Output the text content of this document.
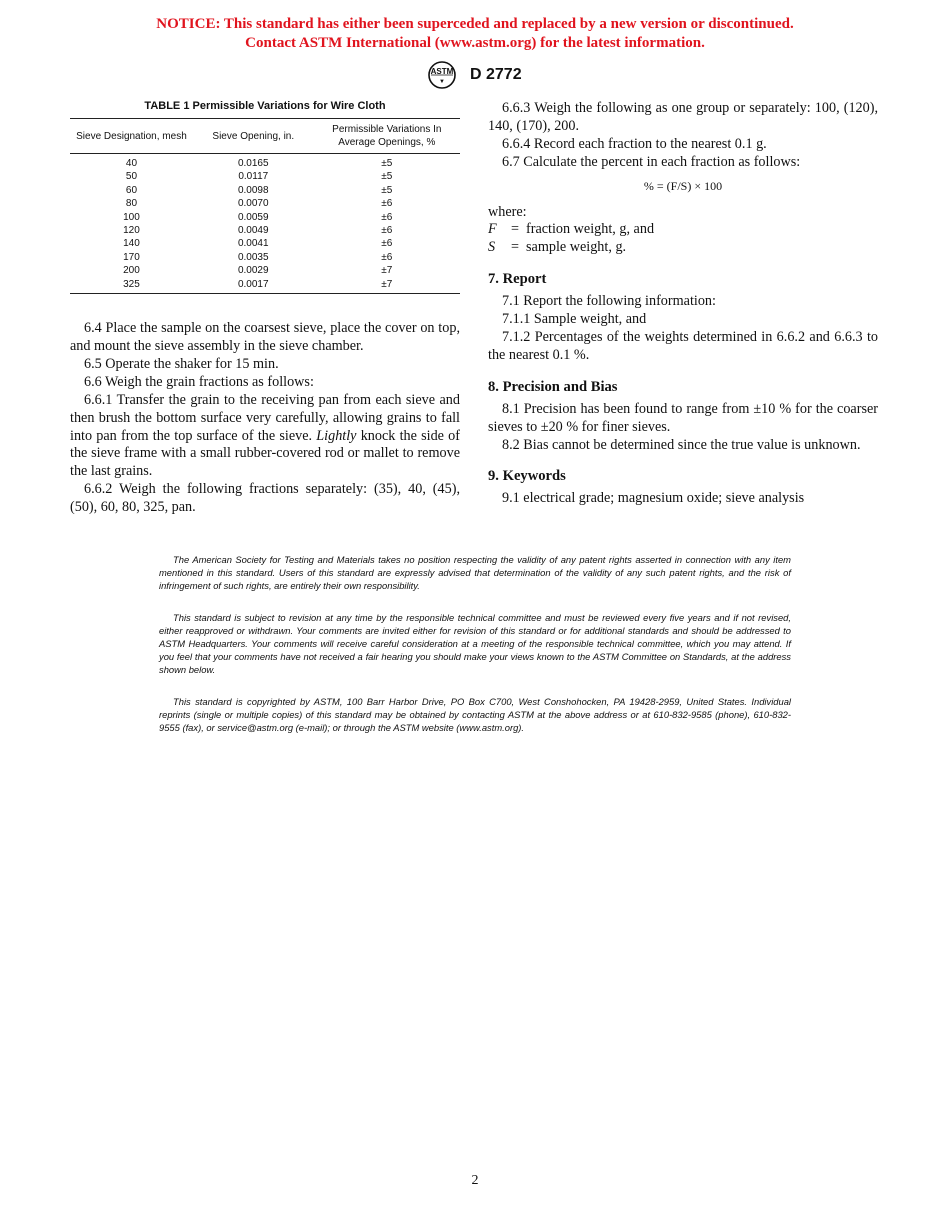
NOTICE: This standard has either been superceded and replaced by a new version or discontinued.
Contact ASTM International (www.astm.org) for the latest information.
ASTM
▼ D 2772
TABLE 1 Permissible Variations for Wire Cloth
Sieve Designation, mesh	Sieve Opening, in.	Permissible Variations In Average Openings, %
40	0.0165	±5
50	0.0117	±5
60	0.0098	±5
80	0.0070	±6
100	0.0059	±6
120	0.0049	±6
140	0.0041	±6
170	0.0035	±6
200	0.0029	±7
325	0.0017	±7

6.4 Place the sample on the coarsest sieve, place the cover on top, and mount the sieve assembly in the sieve chamber.

6.5 Operate the shaker for 15 min.

6.6 Weigh the grain fractions as follows:

6.6.1 Transfer the grain to the receiving pan from each sieve and then brush the bottom surface very carefully, allowing grains to fall into pan from the top surface of the sieve. Lightly knock the side of the sieve frame with a small rubber-covered rod or mallet to remove the last grains.

6.6.2 Weigh the following fractions separately: (35), 40, (45), (50), 60, 80, 325, pan.

6.6.3 Weigh the following as one group or separately: 100, (120), 140, (170), 200.

6.6.4 Record each fraction to the nearest 0.1 g.

6.7 Calculate the percent in each fraction as follows:

% = (F/S) × 100

where:

F	= fraction weight, g, and
S	= sample weight, g.

7. Report

7.1 Report the following information:

7.1.1 Sample weight, and

7.1.2 Percentages of the weights determined in 6.6.2 and 6.6.3 to the nearest 0.1 %.

8. Precision and Bias

8.1 Precision has been found to range from ±10 % for the coarser sieves to ±20 % for finer sieves.

8.2 Bias cannot be determined since the true value is unknown.

9. Keywords

9.1 electrical grade; magnesium oxide; sieve analysis

The American Society for Testing and Materials takes no position respecting the validity of any patent rights asserted in connection with any item mentioned in this standard. Users of this standard are expressly advised that determination of the validity of any such patent rights, and the risk of infringement of such rights, are entirely their own responsibility.

This standard is subject to revision at any time by the responsible technical committee and must be reviewed every five years and if not revised, either reapproved or withdrawn. Your comments are invited either for revision of this standard or for additional standards and should be addressed to ASTM Headquarters. Your comments will receive careful consideration at a meeting of the responsible technical committee, which you may attend. If you feel that your comments have not received a fair hearing you should make your views known to the ASTM Committee on Standards, at the address shown below.

This standard is copyrighted by ASTM, 100 Barr Harbor Drive, PO Box C700, West Conshohocken, PA 19428-2959, United States. Individual reprints (single or multiple copies) of this standard may be obtained by contacting ASTM at the above address or at 610-832-9585 (phone), 610-832-9555 (fax), or service@astm.org (e-mail); or through the ASTM website (www.astm.org).

2
